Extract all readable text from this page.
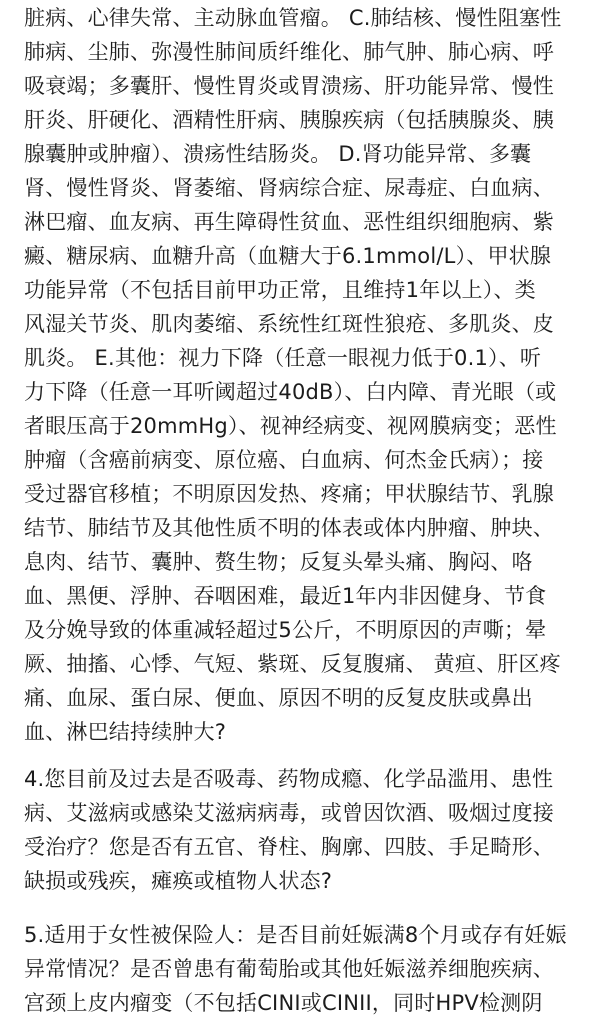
脏病、心律失常、主动脉血管瘤。 C.肺结核、慢性阻塞性
肺病、尘肺、弥漫性肺间质纤维化、肺气肿、肺心病、呼
吸衰竭；多囊肝、慢性胃炎或胃溃疡、肝功能异常、慢性
肝炎、肝硬化、酒精性肝病、胰腺疾病（包括胰腺炎、胰
腺囊肿或肿瘤）、溃疡性结肠炎。 D.肾功能异常、多囊
肾、慢性肾炎、肾萎缩、肾病综合症、尿毒症、白血病、
淋巴瘤、血友病、再生障碍性贫血、恶性组织细胞病、紫
癜、糖尿病、血糖升高（血糖大于6.1mmol/L）、甲状腺
功能异常（不包括目前甲功正常，且维持1年以上）、类
风湿关节炎、肌肉萎缩、系统性红斑性狼疮、多肌炎、皮
肌炎。 E.其他：视力下降（任意一眼视力低于0.1）、听
力下降（任意一耳听阈超过40dB）、白内障、青光眼（或
者眼压高于20mmHg）、视神经病变、视网膜病变；恶性
肿瘤（含癌前病变、原位癌、白血病、何杰金氏病）；接
受过器官移植；不明原因发热、疼痛；甲状腺结节、乳腺
结节、肺结节及其他性质不明的体表或体内肿瘤、肿块、
息肉、结节、囊肿、赘生物；反复头晕头痛、胸闷、咯
血、黑便、浮肿、吞咽困难，最近1年内非因健身、节食
及分娩导致的体重减轻超过5公斤，不明原因的声嘶；晕
厥、抽搐、心悸、气短、紫斑、反复腹痛、 黄疸、肝区疼
痛、血尿、蛋白尿、便血、原因不明的反复皮肤或鼻出
血、淋巴结持续肿大?
4.您目前及过去是否吸毒、药物成瘾、化学品滥用、患性
病、艾滋病或感染艾滋病病毒，或曾因饮酒、吸烟过度接
受治疗？您是否有五官、脊柱、胸廓、四肢、手足畸形、
缺损或残疾，瘫痪或植物人状态?
5.适用于女性被保险人：是否目前妊娠满8个月或存有妊娠
异常情况？是否曾患有葡萄胎或其他妊娠滋养细胞疾病、
宫颈上皮内瘤变（不包括CINI或CINII，同时HPV检测阴
